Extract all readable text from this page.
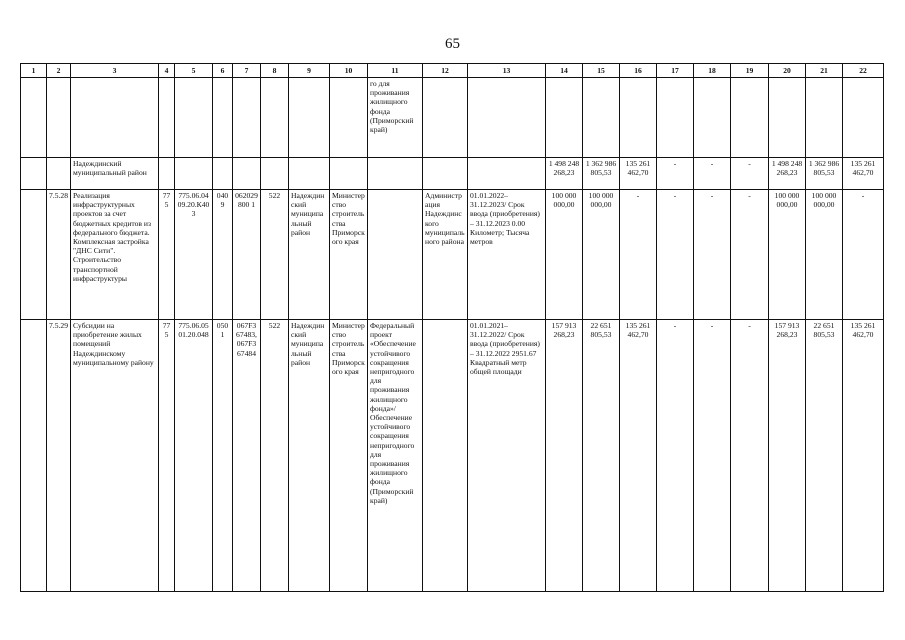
65
1	2	3	4	5	6	7	8	9	10	11	12	13	14	15	16	17	18	19	20	21	22
										го для проживания жилищного фонда (Приморский край)											
		Надеждинский муниципальный район											1 498 248 268,23	1 362 986 805,53	135 261 462,70	-	-	-	1 498 248 268,23	1 362 986 805,53	135 261 462,70
	7.5.28	Реализация инфраструктурных проектов за счет бюджетных кредитов из федерального бюджета. Комплексная застройка "ДНС Сити". Строительство транспортной инфраструктуры	775	775.06.0409.20.К403	0409	062029800 1	522	Надеждинский муниципальный район	Министерство строительства Приморского края		Администрация Надеждинского муниципального района	01.01.2022–31.12.2023/ Срок ввода (приобретения) – 31.12.2023 0.00 Километр; Тысяча метров	100 000 000,00	100 000 000,00	-	-	-	-	100 000 000,00	100 000 000,00	-
	7.5.29	Субсидии на приобретение жилых помещений Надеждинскому муниципальному району	775	775.06.0501.20.048	0501	067F367483, 067F367484	522	Надеждинский муниципальный район	Министерство строительства Приморского края	Федеральный проект «Обеспечение устойчивого сокращения непригодного для проживания жилищного фонда»/Обеспечение устойчивого сокращения непригодного для проживания жилищного фонда (Приморский край)		01.01.2021–31.12.2022/ Срок ввода (приобретения) – 31.12.2022 2951.67 Квадратный метр общей площади	157 913 268,23	22 651 805,53	135 261 462,70	-	-	-	157 913 268,23	22 651 805,53	135 261 462,70
